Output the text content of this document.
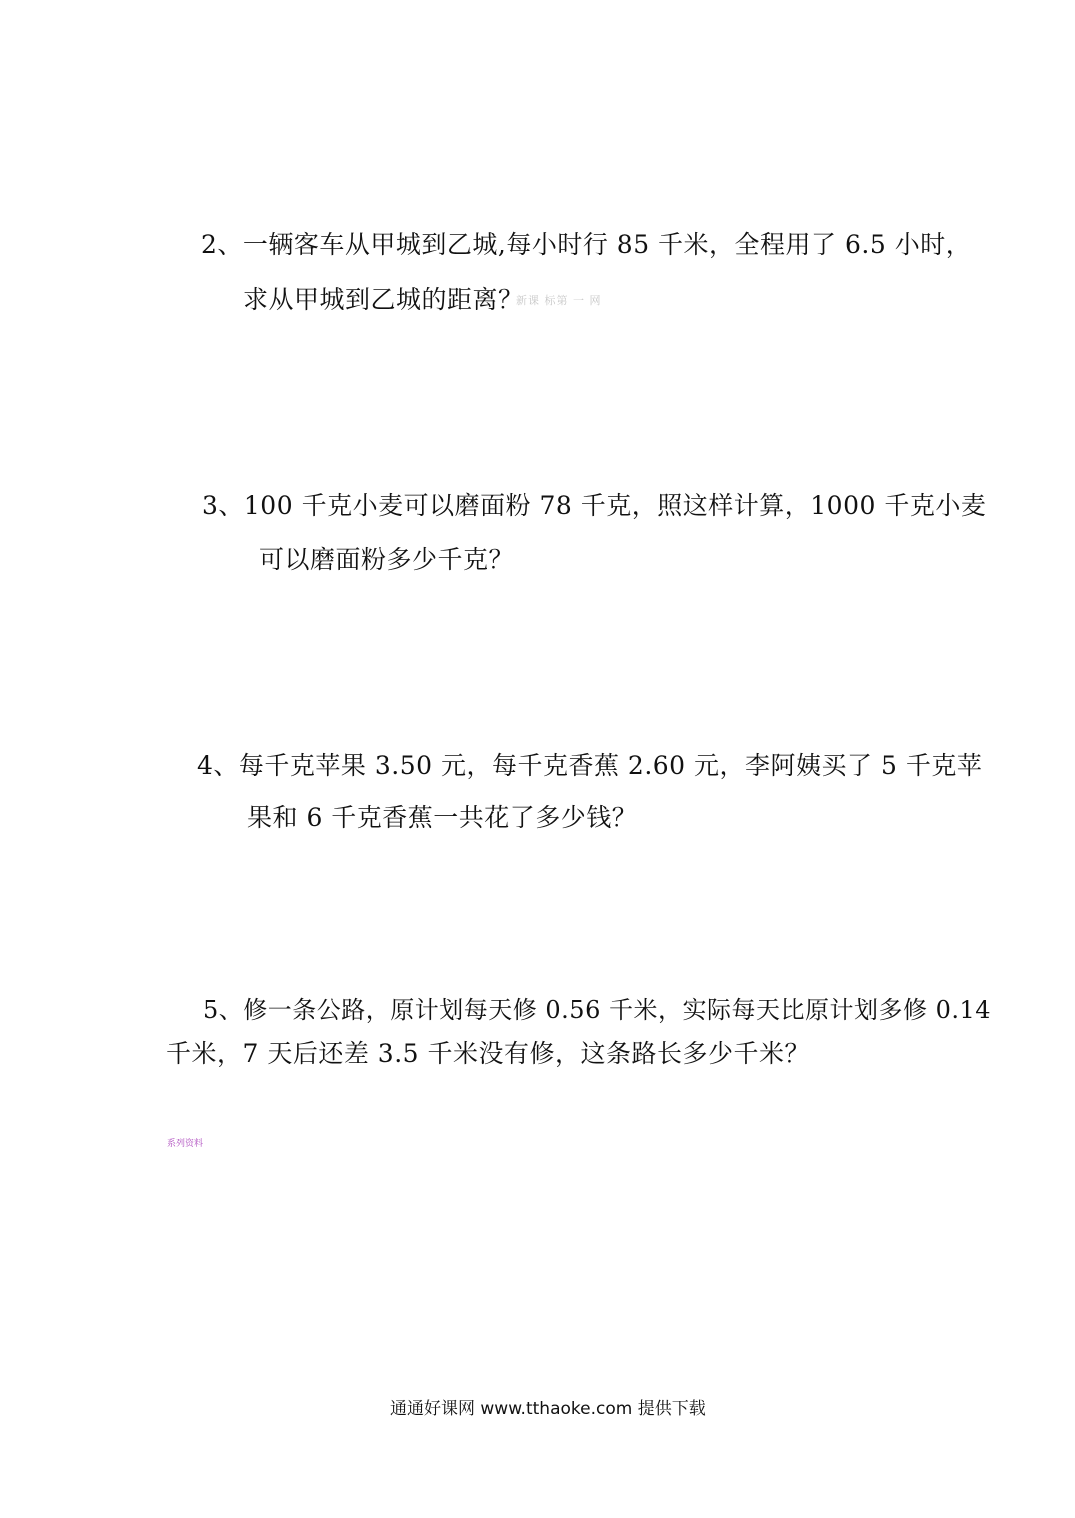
2、一辆客车从甲城到乙城,每小时行 85 千米，全程用了 6.5 小时，
求从甲城到乙城的距离？
新课 标第 一 网
3、100 千克小麦可以磨面粉 78 千克，照这样计算，1000 千克小麦
可以磨面粉多少千克？
4、每千克苹果 3.50 元，每千克香蕉 2.60 元，李阿姨买了 5 千克苹
果和 6 千克香蕉一共花了多少钱？
5、修一条公路，原计划每天修 0.56 千米，实际每天比原计划多修 0.14
千米，7 天后还差 3.5 千米没有修，这条路长多少千米？
系列资料
通通好课网 www.tthaoke.com 提供下载
